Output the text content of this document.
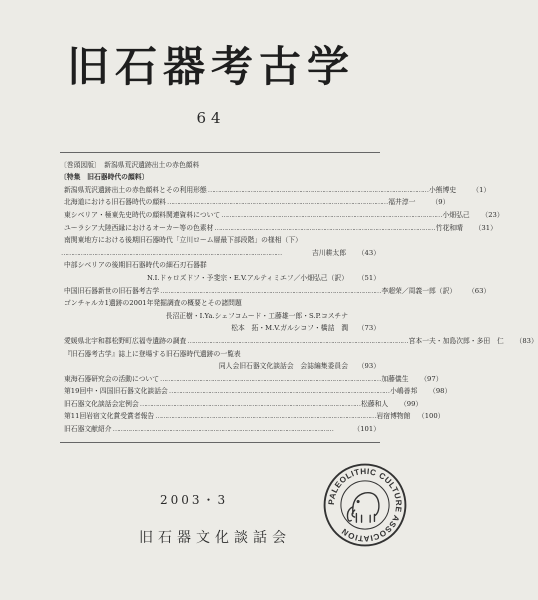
旧石器考古学
64
〔巻頭図版〕　新潟県荒沢遺跡出土の赤色顔料
〔特集　旧石器時代の顔料〕
新潟県荒沢遺跡出土の赤色顔料とその利用形態 ……………………………………………………………………………………………………	小熊博史	（1）
北海道における旧石器時代の顔料 ……………………………………………………………………………………………………	福井淳一	（9）
東シベリア・極東先史時代の顔料関連資料について ……………………………………………………………………………………………………	小畑弘己	（23）
ユーラシア大陸西縁におけるオーカー等の色素材 ……………………………………………………………………………………………………	竹花和晴	（31）
南関東地方における後期旧石器時代「立川ローム層最下部段階」の様相（下）
……………………………………………………………………………………………………
吉川耕太郎	（43）
中部シベリアの後期旧石器時代の細石刃石器群
N.I.ドゥロズドフ・予斐宗・E.V.アルティミエフ／小畑弘己（訳）	（51）
中国旧石器新世の旧石器考古学 ……………………………………………………………………………………………………	李超荣／周義一郎（訳）	（63）
ゴンチャルカ1遺跡の2001年発掘調査の概要とその諸問題
長沼正樹・I.Ya.シェフコムード・工藤雄一郎・S.P.コスチナ
松本　拓・M.V.ガルシコフ・橋詰　潤	（73）
愛媛県北宇和郡松野町広福寺遺跡の調査 ……………………………………………………………………………………………………	宮本一夫・加島次郎・多田　仁	（83）
『旧石器考古学』誌上に登場する旧石器時代遺跡の一覧表
同人会旧石器文化談話会　会誌編集委員会	（93）
東海石器研究会の活動について ……………………………………………………………………………………………………	加藤儀生	（97）
第19回中・四国旧石器文化談話会 ……………………………………………………………………………………………………	小嶋善邦	（98）
旧石器文化談話会定例会 ……………………………………………………………………………………………………	松藤和人	（99）
第11回岩宿文化賞受賞者報告 ……………………………………………………………………………………………………	岩宿博物館 （100）
旧石器文献紹介 ……………………………………………………………………………………………………	（101）
2003・3
旧石器文化談話会
PALEOLITHIC CULTURE ASSOCIATION
